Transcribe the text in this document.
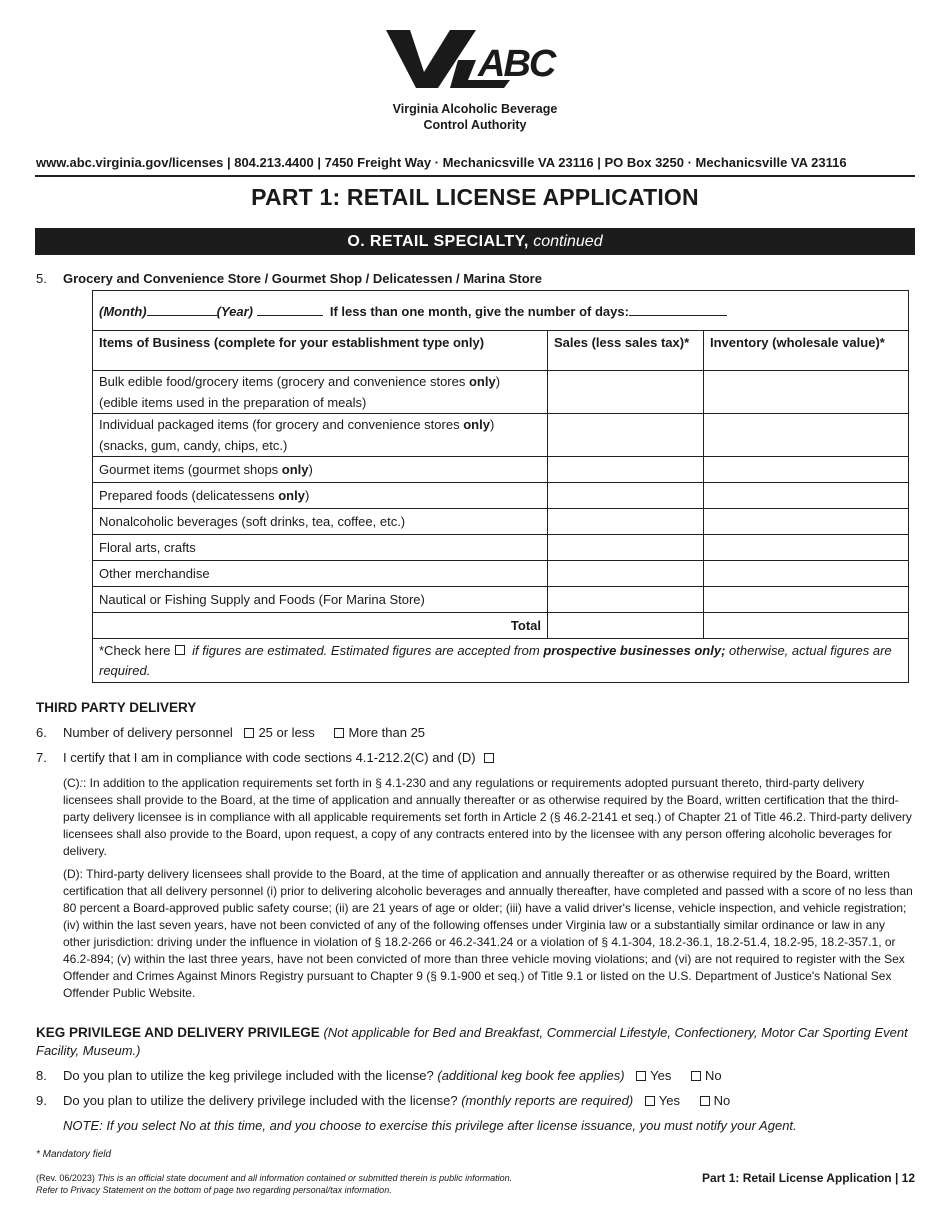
ABC
Virginia Alcoholic Beverage
Control Authority
www.abc.virginia.gov/licenses | 804.213.4400 | 7450 Freight Way · Mechanicsville VA 23116 | PO Box 3250 · Mechanicsville VA 23116
PART 1: RETAIL LICENSE APPLICATION
O. RETAIL SPECIALTY, continued
5. Grocery and Convenience Store / Gourmet Shop / Delicatessen / Marina Store
(Month) (Year) If less than one month, give the number of days:		
Items of Business (complete for your establishment type only)	Sales (less sales tax)*	Inventory (wholesale value)*
Bulk edible food/grocery items (grocery and convenience stores only)
(edible items used in the preparation of meals)		
Individual packaged items (for grocery and convenience stores only)
(snacks, gum, candy, chips, etc.)		
Gourmet items (gourmet shops only)		
Prepared foods (delicatessens only)		
Nonalcoholic beverages (soft drinks, tea, coffee, etc.)		
Floral arts, crafts		
Other merchandise		
Nautical or Fishing Supply and Foods (For Marina Store)		
Total		
*Check here if figures are estimated. Estimated figures are accepted from prospective businesses only; otherwise, actual figures are required.		
THIRD PARTY DELIVERY
6. Number of delivery personnel 25 or less	More than 25
7. I certify that I am in compliance with code sections 4.1-212.2(C) and (D)
(C):: In addition to the application requirements set forth in § 4.1-230 and any regulations or requirements adopted pursuant thereto, third-party delivery licensees shall provide to the Board, at the time of application and annually thereafter or as otherwise required by the Board, written certification that the third-party delivery licensee is in compliance with all applicable requirements set forth in Article 2 (§ 46.2-2141 et seq.) of Chapter 21 of Title 46.2. Third-party delivery licensees shall also provide to the Board, upon request, a copy of any contracts entered into by the licensee with any person offering alcoholic beverages for delivery.
(D): Third-party delivery licensees shall provide to the Board, at the time of application and annually thereafter or as otherwise required by the Board, written certification that all delivery personnel (i) prior to delivering alcoholic beverages and annually thereafter, have completed and passed with a score of no less than 80 percent a Board-approved public safety course; (ii) are 21 years of age or older; (iii) have a valid driver's license, vehicle inspection, and vehicle registration; (iv) within the last seven years, have not been convicted of any of the following offenses under Virginia law or a substantially similar ordinance or law in any other jurisdiction: driving under the influence in violation of § 18.2-266 or 46.2-341.24 or a violation of § 4.1-304, 18.2-36.1, 18.2-51.4, 18.2-95, 18.2-357.1, or 46.2-894; (v) within the last three years, have not been convicted of more than three vehicle moving violations; and (vi) are not required to register with the Sex Offender and Crimes Against Minors Registry pursuant to Chapter 9 (§ 9.1-900 et seq.) of Title 9.1 or listed on the U.S. Department of Justice's National Sex Offender Public Website.
KEG PRIVILEGE AND DELIVERY PRIVILEGE (Not applicable for Bed and Breakfast, Commercial Lifestyle, Confectionery, Motor Car Sporting Event Facility, Museum.)
8. Do you plan to utilize the keg privilege included with the license? (additional keg book fee applies) Yes	No
9. Do you plan to utilize the delivery privilege included with the license? (monthly reports are required) Yes	No
NOTE: If you select No at this time, and you choose to exercise this privilege after license issuance, you must notify your Agent.
* Mandatory field
(Rev. 06/2023) This is an official state document and all information contained or submitted therein is public information.
Refer to Privacy Statement on the bottom of page two regarding personal/tax information.
Part 1: Retail License Application | 12
